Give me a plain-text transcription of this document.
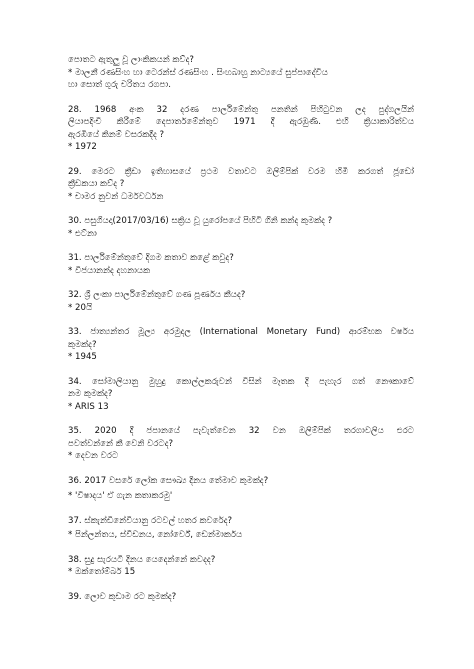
පොතට ඇතුලු වූ ලාංකිකයන් කව්ද?

* මාලනී රණසිංහ හා ටෙරන්ස් රණසිංහ . සිංහබාහු නාට්‍යයේ සුප්පාදේවිය

හා සොත් ගුරු චරිතය රගපා.

28. 1968 අංක 32 දරණ පාර්ලිමේන්තු පනතින් පිහිටුවන ලද පුද්ගලයින්

ලියාපදිංචි කිරීමේ දෙපාර්තමේන්තුව 1971 දී ඇරඹුණි. එහි ක්‍රියාකාරිත්වය

ඇරඹියේ කිනම් වසරකදීද ?

* 1972

29. මෙරට ක්‍රීඩා ඉතිහාසයේ ප්‍රථම වතාවට ඔලිම්පික් වරම හිමි කරගත් ජූඩෝ

ක්‍රීඩකයා කව්ද ?

* චාමර නුවන් ධර්මවර්ධන

30. පසුගියදා(2017/03/16) සක්‍රිය වූ යුරෝපයේ පිහිටි ගිනි කන්ද කුමක්ද ?

* එට්නා

31. පාර්ලිමේන්තුවේ දිගම කතාව කළේ කවුද?

* විජයානන්ද දහනායක

32. ශ්‍රී ලංකා පාර්ලිමේන්තුවේ ගණ පූර්ණය කීයද?

* 20යි

33. ජාත්‍යන්තර මූල්‍ය අරමුදල (International Monetary Fund) ආරම්භක වර්ෂය

කුමක්ද?

* 1945

34. සෝමාලියානු මුහුදු කොල්ලකරුවන් විසින් මෑතක දි පැහැර ගත් නෞකාවේ

නම කුමක්ද?

* ARIS 13

35. 2020 දී ජපානයේ පැවැත්වෙන 32 වන ඔලිම්පික් තරගාවලිය එරට

පවත්වන්නේ කී වෙනි වරටද?

* දෙවන වරට

36. 2017 වසරේ ලෝක සෞඛ්‍ය දිනය තේමාව කුමක්ද?

* 'විෂාදය' ඒ ගැන කතාකරමු'

37. ස්කැන්ඩිනේවියානු රටවල් හතර කවරේද?

* පින්ලන්තය, ස්වීඩනය, නෝර්වේ, ඩෙන්මාර්කය

38. සුදු සැරයටි දිනය යෙදෙන්නේ කවදද?

* ඔක්තෝම්බර් 15

39. ලොව කුඩාම රට කුමක්ද?
